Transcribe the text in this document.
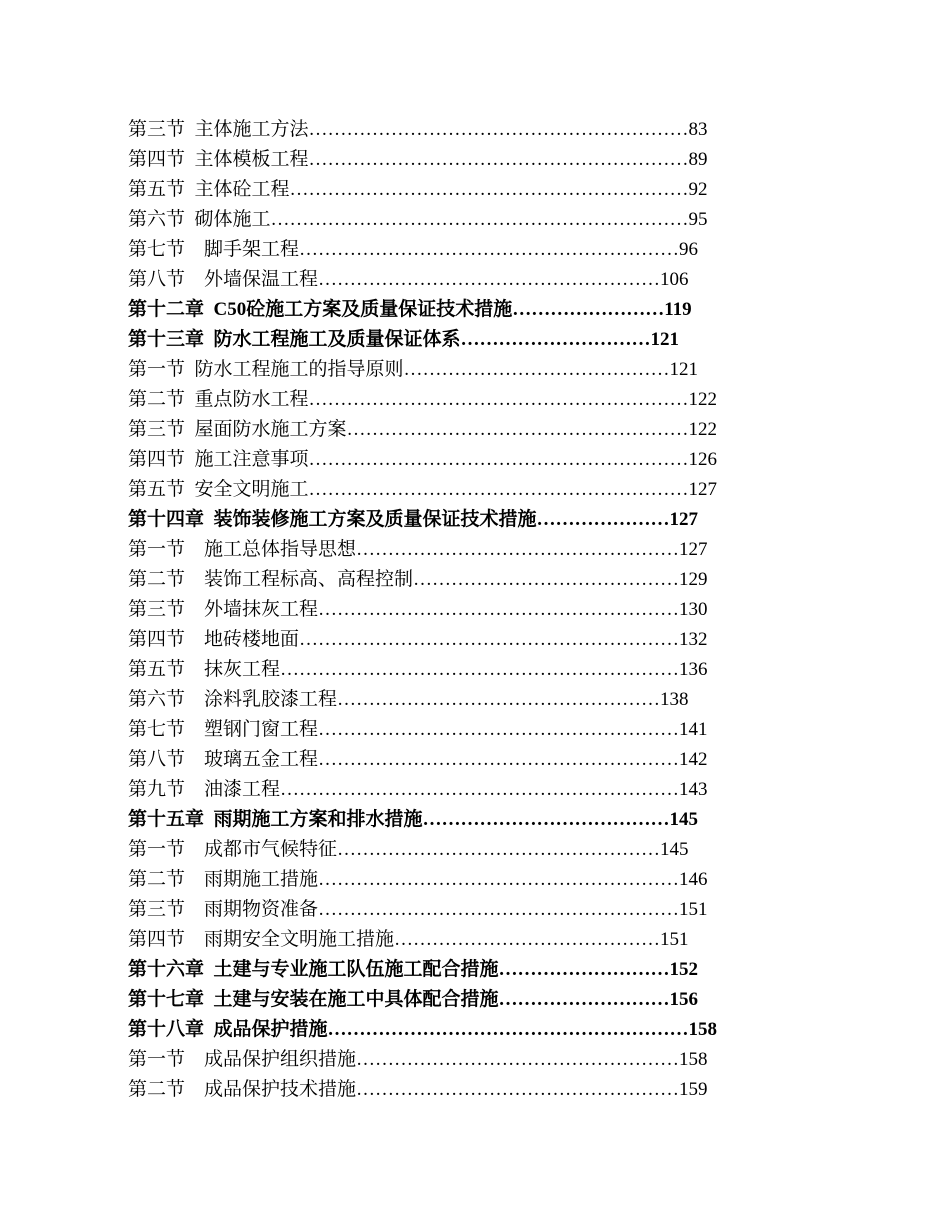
第三节  主体施工方法……………………………………………………83
第四节  主体模板工程……………………………………………………89
第五节  主体砼工程………………………………………………………92
第六节  砌体施工…………………………………………………………95
第七节    脚手架工程……………………………………………………96
第八节    外墙保温工程………………………………………………106
第十二章  C50砼施工方案及质量保证技术措施……………………119
第十三章  防水工程施工及质量保证体系…………………………121
第一节  防水工程施工的指导原则……………………………………121
第二节  重点防水工程……………………………………………………122
第三节  屋面防水施工方案………………………………………………122
第四节  施工注意事项……………………………………………………126
第五节  安全文明施工……………………………………………………127
第十四章  装饰装修施工方案及质量保证技术措施…………………127
第一节    施工总体指导思想……………………………………………127
第二节    装饰工程标高、高程控制……………………………………129
第三节    外墙抹灰工程…………………………………………………130
第四节    地砖楼地面……………………………………………………132
第五节    抹灰工程………………………………………………………136
第六节    涂料乳胶漆工程……………………………………………138
第七节    塑钢门窗工程…………………………………………………141
第八节    玻璃五金工程…………………………………………………142
第九节    油漆工程………………………………………………………143
第十五章  雨期施工方案和排水措施…………………………………145
第一节    成都市气候特征……………………………………………145
第二节    雨期施工措施…………………………………………………146
第三节    雨期物资准备…………………………………………………151
第四节    雨期安全文明施工措施……………………………………151
第十六章  土建与专业施工队伍施工配合措施………………………152
第十七章  土建与安装在施工中具体配合措施………………………156
第十八章  成品保护措施…………………………………………………158
第一节    成品保护组织措施……………………………………………158
第二节    成品保护技术措施……………………………………………159
